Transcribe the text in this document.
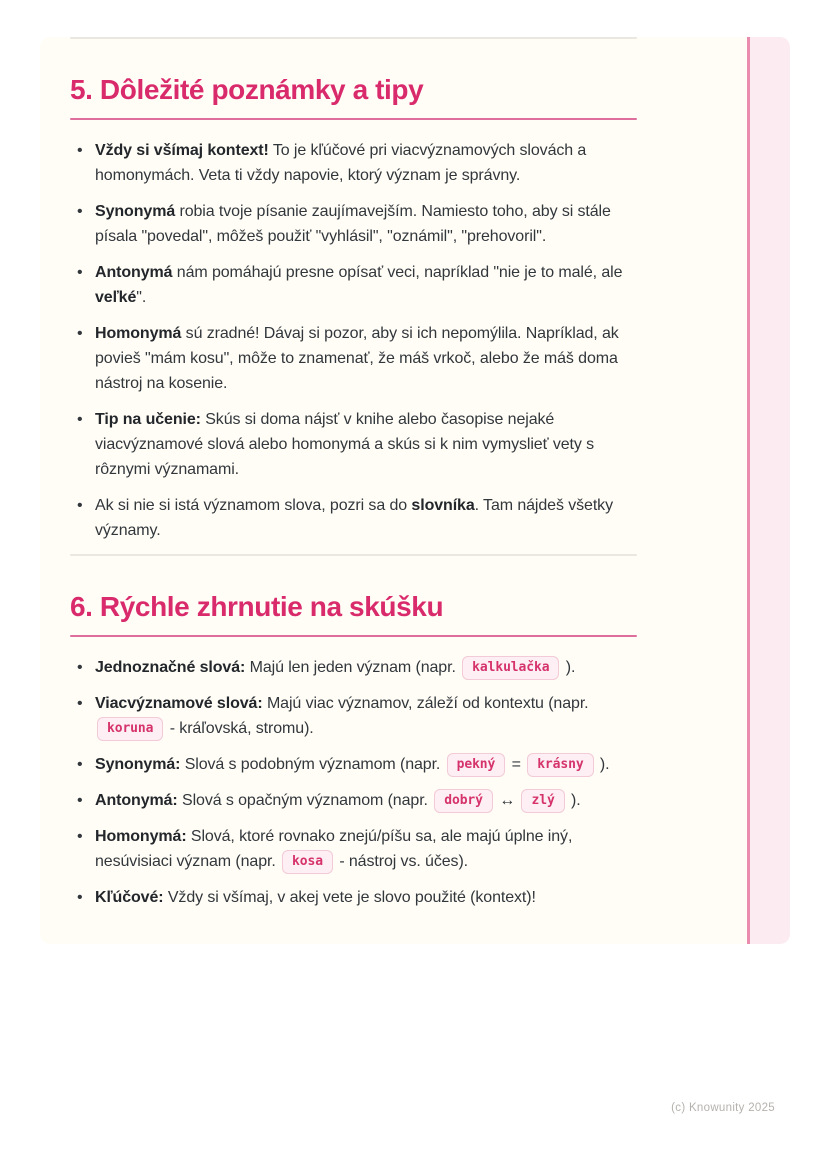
5. Dôležité poznámky a tipy
• Vždy si všímaj kontext! To je kľúčové pri viacvýznamových slovách a homonymách. Veta ti vždy napovie, ktorý význam je správny.
• Synonymá robia tvoje písanie zaujímavejším. Namiesto toho, aby si stále písala "povedal", môžeš použiť "vyhlásil", "oznámil", "prehovoril".
• Antonymá nám pomáhajú presne opísať veci, napríklad "nie je to malé, ale veľké".
• Homonymá sú zradné! Dávaj si pozor, aby si ich nepomýlila. Napríklad, ak povieš "mám kosu", môže to znamenať, že máš vrkoč, alebo že máš doma nástroj na kosenie.
• Tip na učenie: Skús si doma nájsť v knihe alebo časopise nejaké viacvýznamové slová alebo homonymá a skús si k nim vymyslieť vety s rôznymi významami.
• Ak si nie si istá významom slova, pozri sa do slovníka. Tam nájdeš všetky významy.
6. Rýchle zhrnutie na skúšku
• Jednoznačné slová: Majú len jeden význam (napr. kalkulačka ).
• Viacvýznamové slová: Majú viac významov, záleží od kontextu (napr. koruna - kráľovská, stromu).
• Synonymá: Slová s podobným významom (napr. pekný = krásny ).
• Antonymá: Slová s opačným významom (napr. dobrý ↔ zlý ).
• Homonymá: Slová, ktoré rovnako znejú/píšu sa, ale majú úplne iný, nesúvisiaci význam (napr. kosa - nástroj vs. účes).
• Kľúčové: Vždy si všímaj, v akej vete je slovo použité (kontext)!
(c) Knowunity 2025
